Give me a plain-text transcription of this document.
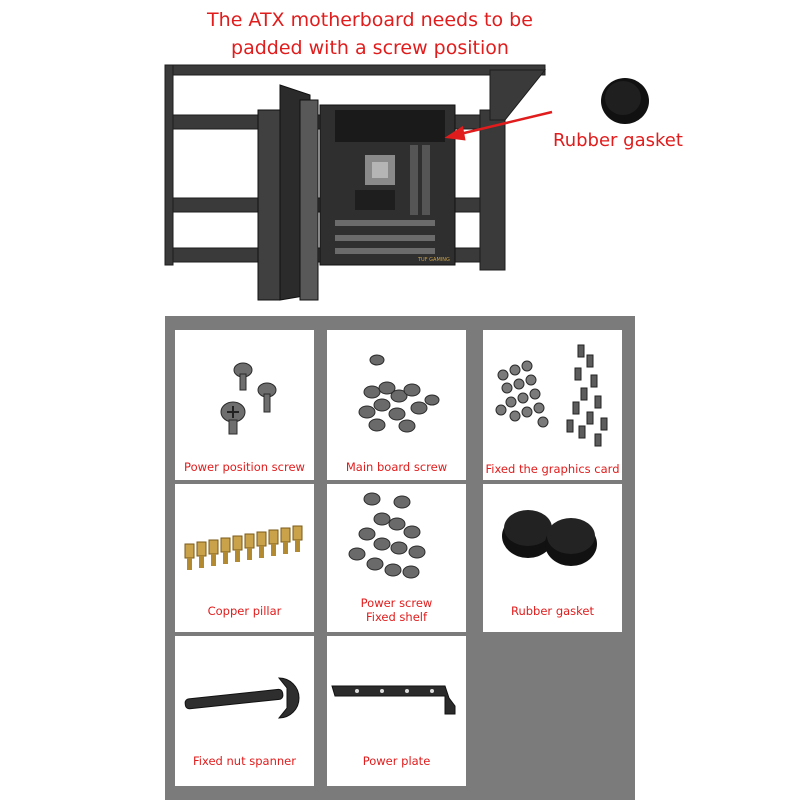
The ATX motherboard needs to be
padded with a screw position
TUF GAMING
Rubber gasket
Power position screw	Main board screw	Fixed the graphics card
Copper pillar
Power screw
Fixed shelf	Rubber gasket
Fixed nut spanner	Power plate
